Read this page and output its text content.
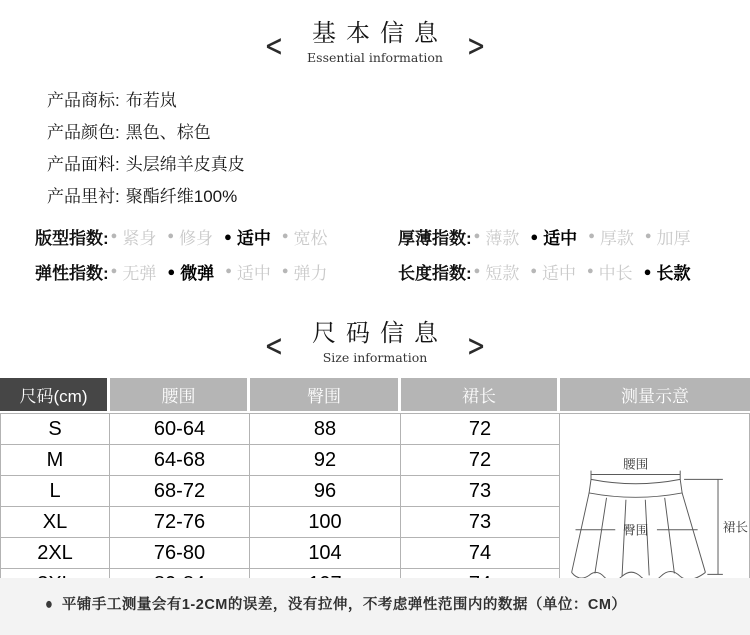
<	基本信息
Essential information >
产品商标: 布若岚
产品颜色: 黑色、棕色
产品面料: 头层绵羊皮真皮
产品里衬: 聚酯纤维100%
版型指数: ● 紧身 ● 修身 ● 适中 ● 宽松	厚薄指数: ● 薄款 ● 适中 ● 厚款 ● 加厚
弹性指数: ● 无弹 ● 微弹 ● 适中 ● 弹力	长度指数: ● 短款 ● 适中 ● 中长 ● 长款
<	尺码信息
Size information	>
尺码(cm)	腰围	臀围	裙长	测量示意
S	60-64	88	72
腰围
臀围	裙长
M	64-68	92	72
L	68-72	96	73
XL	72-76	100	73
2XL	76-80	104	74
● 平铺手工测量会有1-2CM的误差，没有拉伸，不考虑弹性范围内的数据（单位：CM）
